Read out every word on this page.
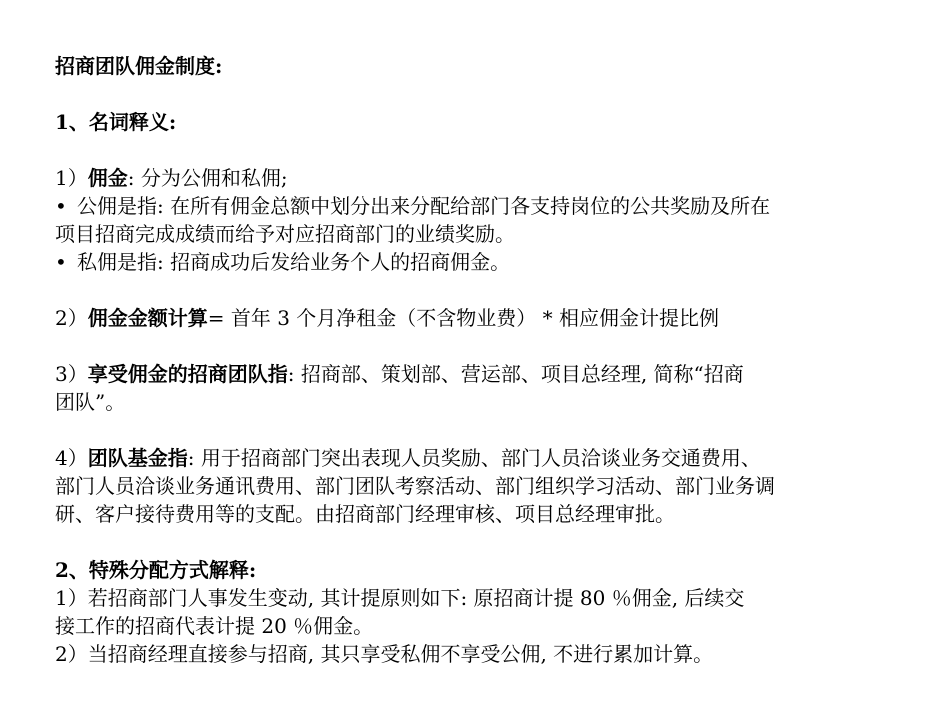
招商团队佣金制度:
1、名词释义:
1）佣金: 分为公佣和私佣;
• 公佣是指: 在所有佣金总额中划分出来分配给部门各支持岗位的公共奖励及所在
项目招商完成成绩而给予对应招商部门的业绩奖励。
• 私佣是指: 招商成功后发给业务个人的招商佣金。
2）佣金金额计算= 首年 3 个月净租金（不含物业费） * 相应佣金计提比例
3）享受佣金的招商团队指: 招商部、策划部、营运部、项目总经理, 简称“招商
团队”。
4）团队基金指: 用于招商部门突出表现人员奖励、部门人员洽谈业务交通费用、
部门人员洽谈业务通讯费用、部门团队考察活动、部门组织学习活动、部门业务调
研、客户接待费用等的支配。由招商部门经理审核、项目总经理审批。
2、特殊分配方式解释:
1）若招商部门人事发生变动, 其计提原则如下: 原招商计提 80 ％佣金, 后续交
接工作的招商代表计提 20 ％佣金。
2）当招商经理直接参与招商, 其只享受私佣不享受公佣, 不进行累加计算。
